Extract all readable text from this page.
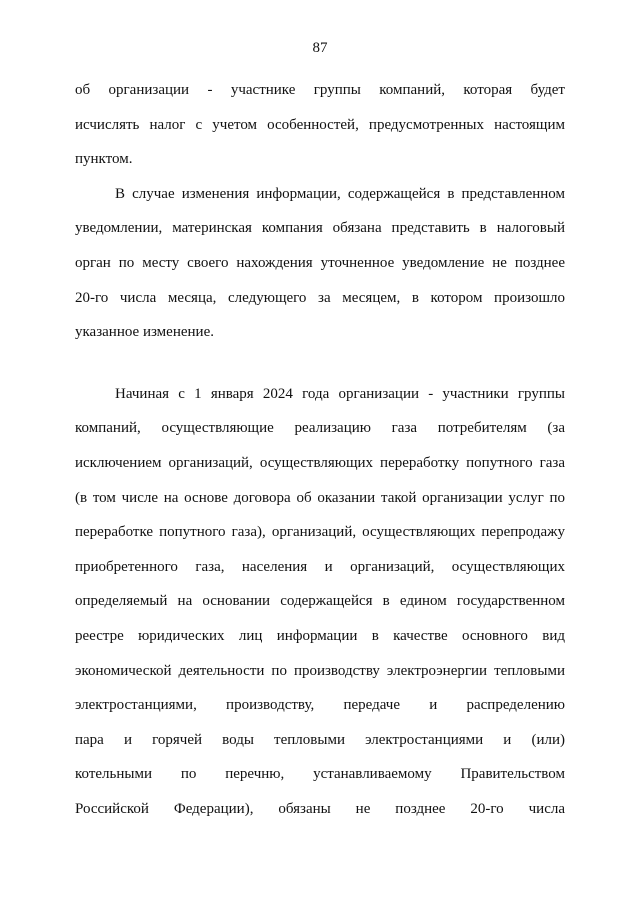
87
об организации - участнике группы компаний, которая будет
исчислять налог с учетом особенностей, предусмотренных настоящим
пунктом.
В случае изменения информации, содержащейся в представленном
уведомлении, материнская компания обязана представить в налоговый
орган по месту своего нахождения уточненное уведомление не позднее
20-го числа месяца, следующего за месяцем, в котором произошло
указанное изменение.
Начиная с 1 января 2024 года организации - участники группы
компаний, осуществляющие реализацию газа потребителям (за
исключением организаций, осуществляющих переработку попутного газа
(в том числе на основе договора об оказании такой организации услуг по
переработке попутного газа), организаций, осуществляющих перепродажу
приобретенного газа, населения и организаций, осуществляющих
определяемый на основании содержащейся в едином государственном
реестре юридических лиц информации в качестве основного вид
экономической деятельности по производству электроэнергии тепловыми
электростанциями, производству, передаче и распределению
пара и горячей воды тепловыми электростанциями и (или)
котельными по перечню, устанавливаемому Правительством
Российской Федерации), обязаны не позднее 20-го числа
